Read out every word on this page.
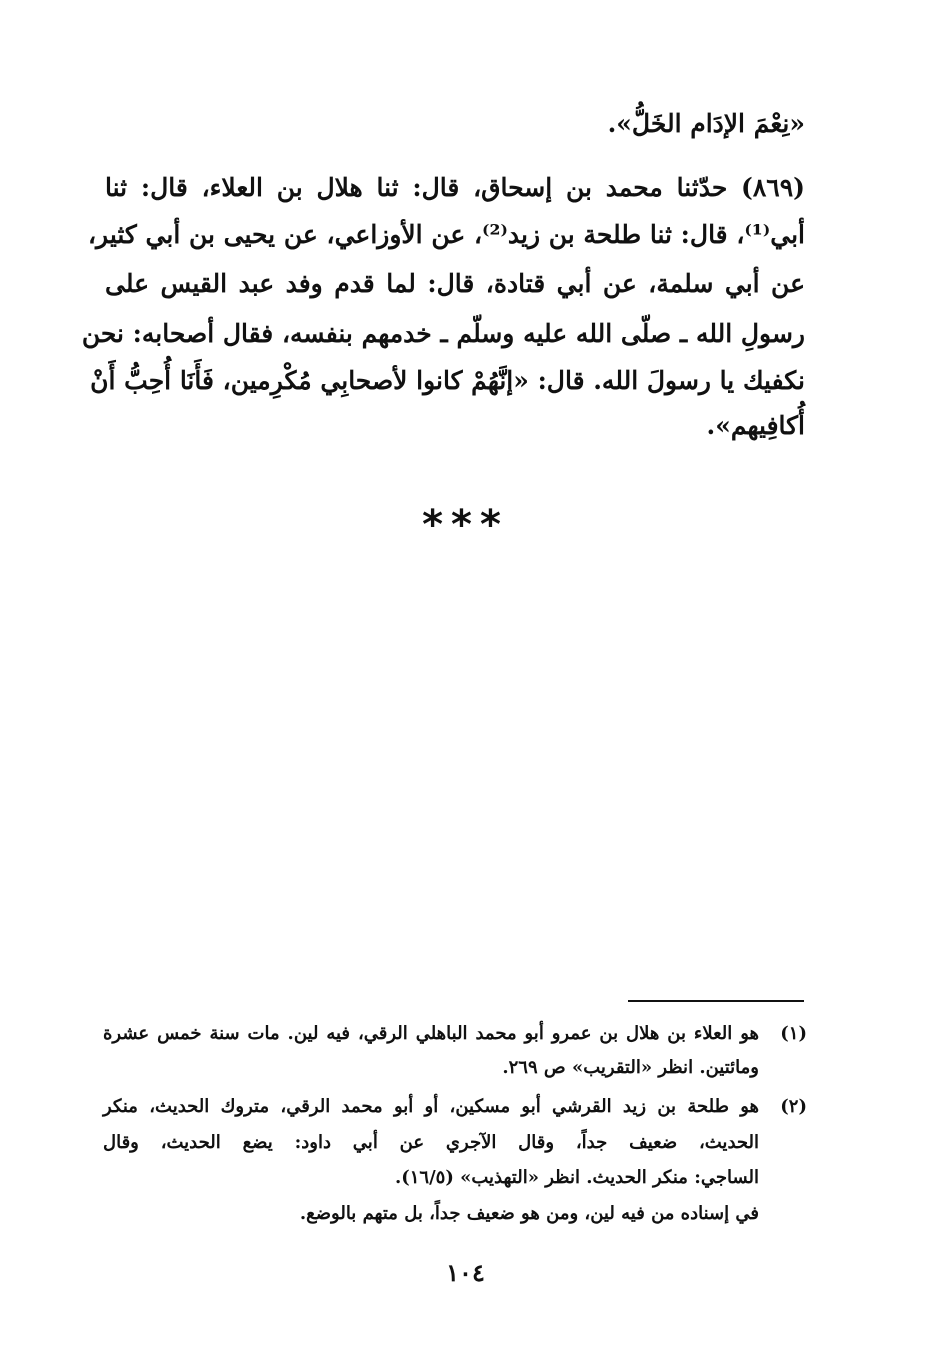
«نِعْمَ الإدَام الخَلُّ».
(٨٦٩) حدّثنا محمد بن إسحاق، قال: ثنا هلال بن العلاء، قال: ثنا
أبي⁽¹⁾، قال: ثنا طلحة بن زيد⁽²⁾، عن الأوزاعي، عن يحيى بن أبي كثير،
عن أبي سلمة، عن أبي قتادة، قال: لما قدم وفد عبد القيس على
رسولِ الله ـ صلّى الله عليه وسلّم ـ خدمهم بنفسه، فقال أصحابه: نحن
نكفيك يا رسولَ الله. قال: «إنَّهُمْ كانوا لأصحابِي مُكْرِمين، فَأَنَا أُحِبُّ أَنْ
أُكافِيهم».
***
(١)
هو العلاء بن هلال بن عمرو أبو محمد الباهلي الرقي، فيه لين. مات سنة خمس عشرة
ومائتين. انظر «التقريب» ص ٢٦٩.
(٢)
هو طلحة بن زيد القرشي أبو مسكين، أو أبو محمد الرقي، متروك الحديث، منكر
الحديث، ضعيف جداً، وقال الآجري عن أبي داود: يضع الحديث، وقال
الساجي: منكر الحديث. انظر «التهذيب» (١٦/٥).
في إسناده من فيه لين، ومن هو ضعيف جداً، بل متهم بالوضع.
١٠٤
